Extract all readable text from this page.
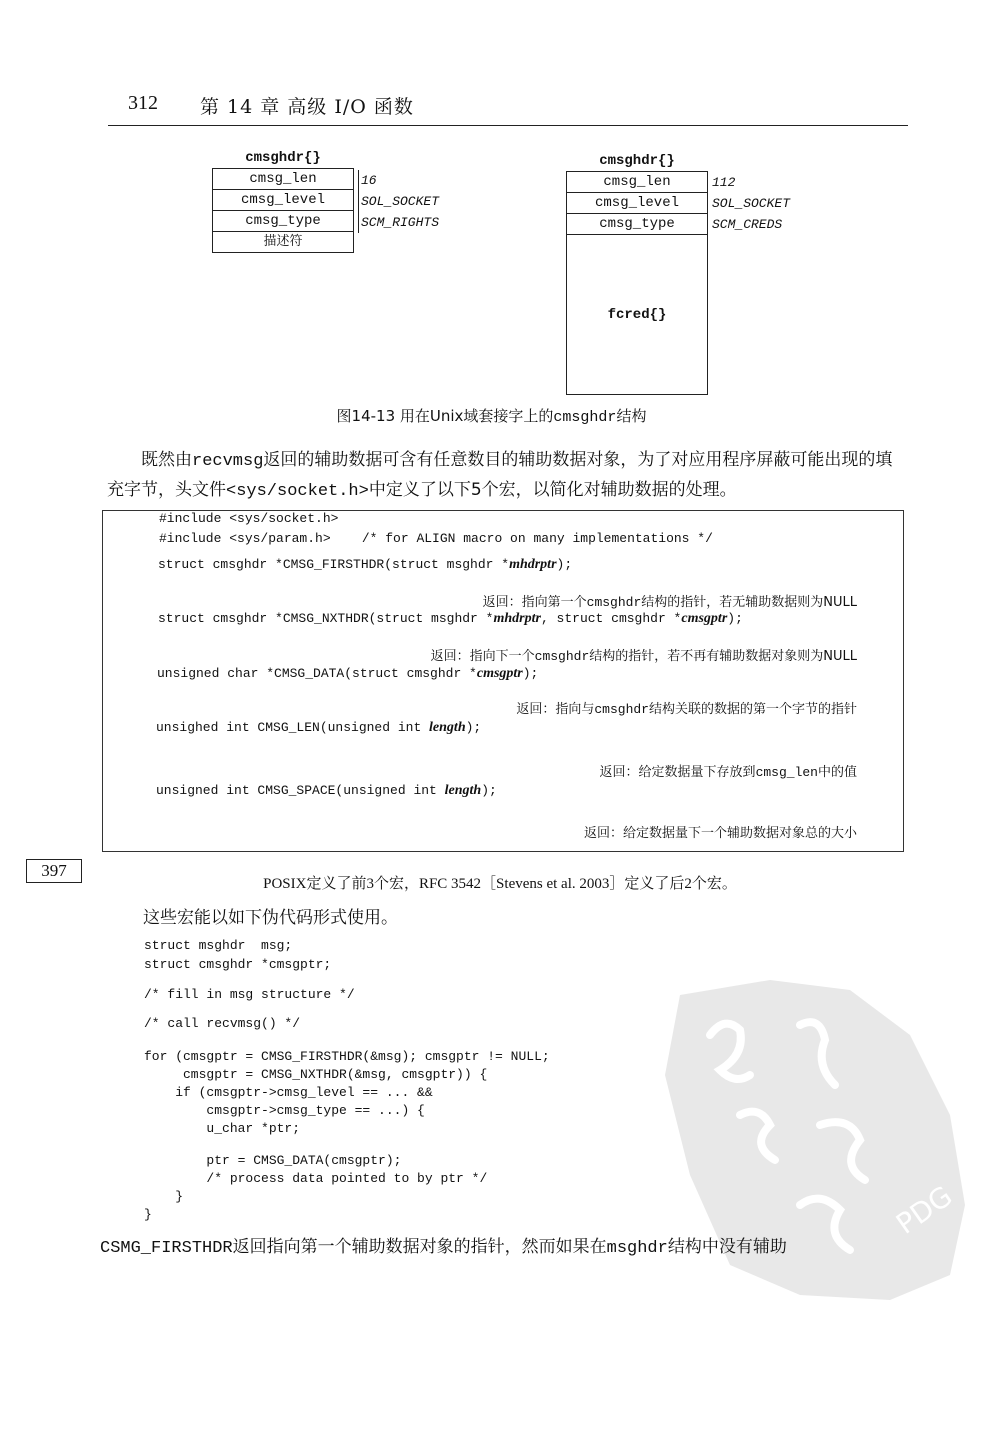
312 第 14 章 高级 I/O 函数
cmsghdr{}
cmsg_len
cmsg_level
cmsg_type
描述符
16
SOL_SOCKET
SCM_RIGHTS
cmsghdr{}
cmsg_len
cmsg_level
cmsg_type
fcred{}
112
SOL_SOCKET
SCM_CREDS
图14-13 用在Unix域套接字上的cmsghdr结构
既然由recvmsg返回的辅助数据可含有任意数目的辅助数据对象，为了对应用程序屏蔽可能出现的填充字节，头文件<sys/socket.h>中定义了以下5个宏，以简化对辅助数据的处理。
#include <sys/socket.h>
#include <sys/param.h>    /* for ALIGN macro on many implementations */
struct cmsghdr *CMSG_FIRSTHDR(struct msghdr *mhdrptr);
返回：指向第一个cmsghdr结构的指针，若无辅助数据则为NULL
struct cmsghdr *CMSG_NXTHDR(struct msghdr *mhdrptr, struct cmsghdr *cmsgptr);
返回：指向下一个cmsghdr结构的指针，若不再有辅助数据对象则为NULL
unsigned char *CMSG_DATA(struct cmsghdr *cmsgptr);
返回：指向与cmsghdr结构关联的数据的第一个字节的指针
unsighed int CMSG_LEN(unsigned int length);
返回：给定数据量下存放到cmsg_len中的值
unsigned int CMSG_SPACE(unsigned int length);
返回：给定数据量下一个辅助数据对象总的大小
397
POSIX定义了前3个宏，RFC 3542［Stevens et al. 2003］定义了后2个宏。
这些宏能以如下伪代码形式使用。
PDG
struct msghdr  msg;
struct cmsghdr *cmsgptr;
/* fill in msg structure */
/* call recvmsg() */
for (cmsgptr = CMSG_FIRSTHDR(&msg); cmsgptr != NULL;
cmsgptr = CMSG_NXTHDR(&msg, cmsgptr)) {
if (cmsgptr->cmsg_level == ... &&
cmsgptr->cmsg_type == ...) {
u_char *ptr;
ptr = CMSG_DATA(cmsgptr);
/* process data pointed to by ptr */
}
}
CSMG_FIRSTHDR返回指向第一个辅助数据对象的指针，然而如果在msghdr结构中没有辅助
